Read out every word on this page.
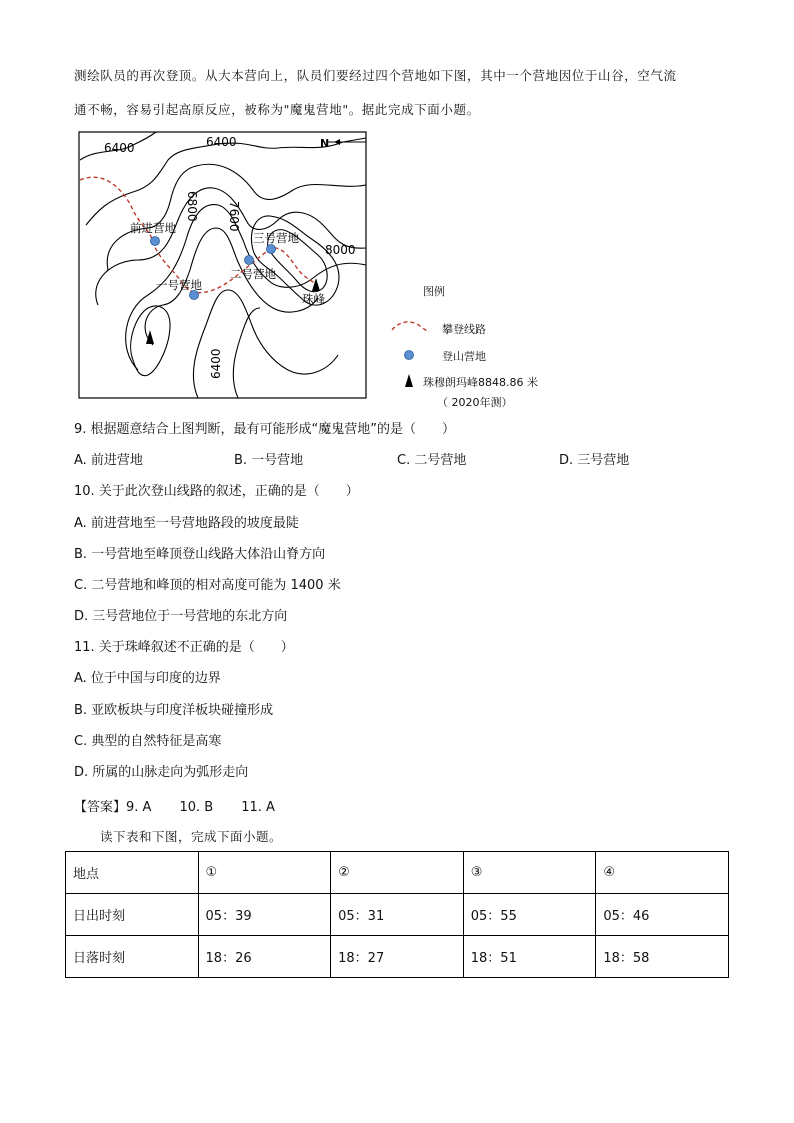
测绘队员的再次登顶。从大本营向上，队员们要经过四个营地如下图，其中一个营地因位于山谷，空气流
通不畅，容易引起高原反应，被称为"魔鬼营地"。据此完成下面小题。
6400	6400
6800 7600
8000
6400
N
前进营地
一号营地
二号营地
三号营地
珠峰
图例
攀登线路
登山营地
珠穆朗玛峰8848.86 米
（ 2020年测）
9. 根据题意结合上图判断，最有可能形成“魔鬼营地”的是（　　）
A. 前进营地	B. 一号营地	C. 二号营地	D. 三号营地
10. 关于此次登山线路的叙述，正确的是（　　）
A. 前进营地至一号营地路段的坡度最陡
B. 一号营地至峰顶登山线路大体沿山脊方向
C. 二号营地和峰顶的相对高度可能为 1400 米
D. 三号营地位于一号营地的东北方向
11. 关于珠峰叙述不正确的是（　　）
A. 位于中国与印度的边界
B. 亚欧板块与印度洋板块碰撞形成
C. 典型的自然特征是高寒
D. 所属的山脉走向为弧形走向
【答案】9. A 10. B 11. A
读下表和下图，完成下面小题。
地点	①	②	③	④
日出时刻	05：39	05：31	05：55	05：46
日落时刻	18：26	18：27	18：51	18：58
